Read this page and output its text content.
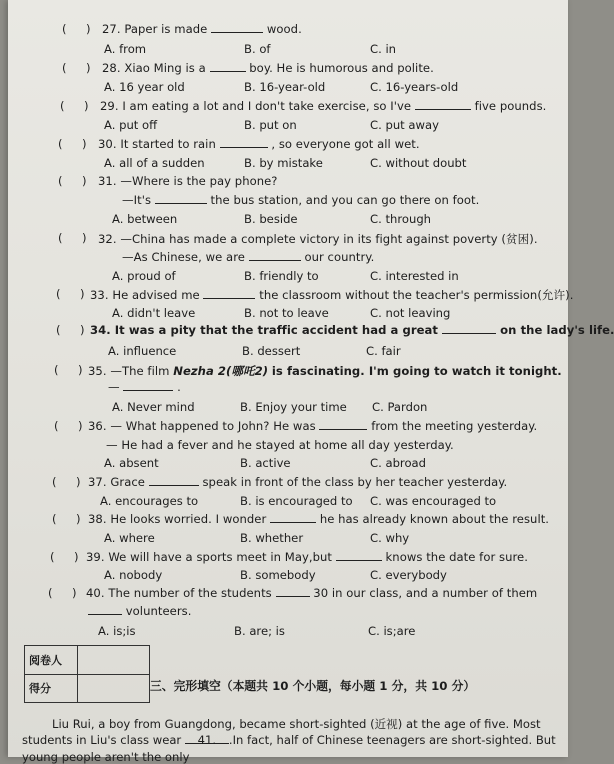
( ) 27. Paper is made	wood.
A. from	B. of	C. in
( ) 28. Xiao Ming is a	boy. He is humorous and polite.
A. 16 year old	B. 16-year-old	C. 16-years-old
( ) 29. I am eating a lot and I don't take exercise, so I've	five pounds.
A. put off	B. put on	C. put away
( ) 30. It started to rain	, so everyone got all wet.
A. all of a sudden	B. by mistake	C. without doubt
( ) 31. —Where is the pay phone?
—It's	the bus station, and you can go there on foot.
A. between	B. beside	C. through
( ) 32. —China has made a complete victory in its fight against poverty (贫困).
—As Chinese, we are	our country.
A. proud of	B. friendly to	C. interested in
( ) 33. He advised me	the classroom without the teacher's permission(允许).
A. didn't leave	B. not to leave	C. not leaving
( ) 34. It was a pity that the traffic accident had a great	on the lady's life.
A. influence	B. dessert	C. fair
( ) 35. —The film Nezha 2(哪吒2) is fascinating. I'm going to watch it tonight.
—	.
A. Never mind	B. Enjoy your time C. Pardon
( ) 36. — What happened to John? He was	from the meeting yesterday.
— He had a fever and he stayed at home all day yesterday.
A. absent	B. active	C. abroad
( ) 37. Grace	speak in front of the class by her teacher yesterday.
A. encourages to	B. is encouraged to C. was encouraged to
( ) 38. He looks worried. I wonder	he has already known about the result.
A. where	B. whether	C. why
( ) 39. We will have a sports meet in May,but	knows the date for sure.
A. nobody	B. somebody	C. everybody
( ) 40. The number of the students	30 in our class, and a number of them
volunteers.
A. is;is	B. are; is	C. is;are
阅卷人	
得分		三、完形填空（本题共 10 个小题，每小题 1 分，共 10 分）
Liu Rui, a boy from Guangdong, became short-sighted (近视) at the age of five. Most
students in Liu's class wear 41. .In fact, half of Chinese teenagers are short-sighted. But
young people aren't the only
